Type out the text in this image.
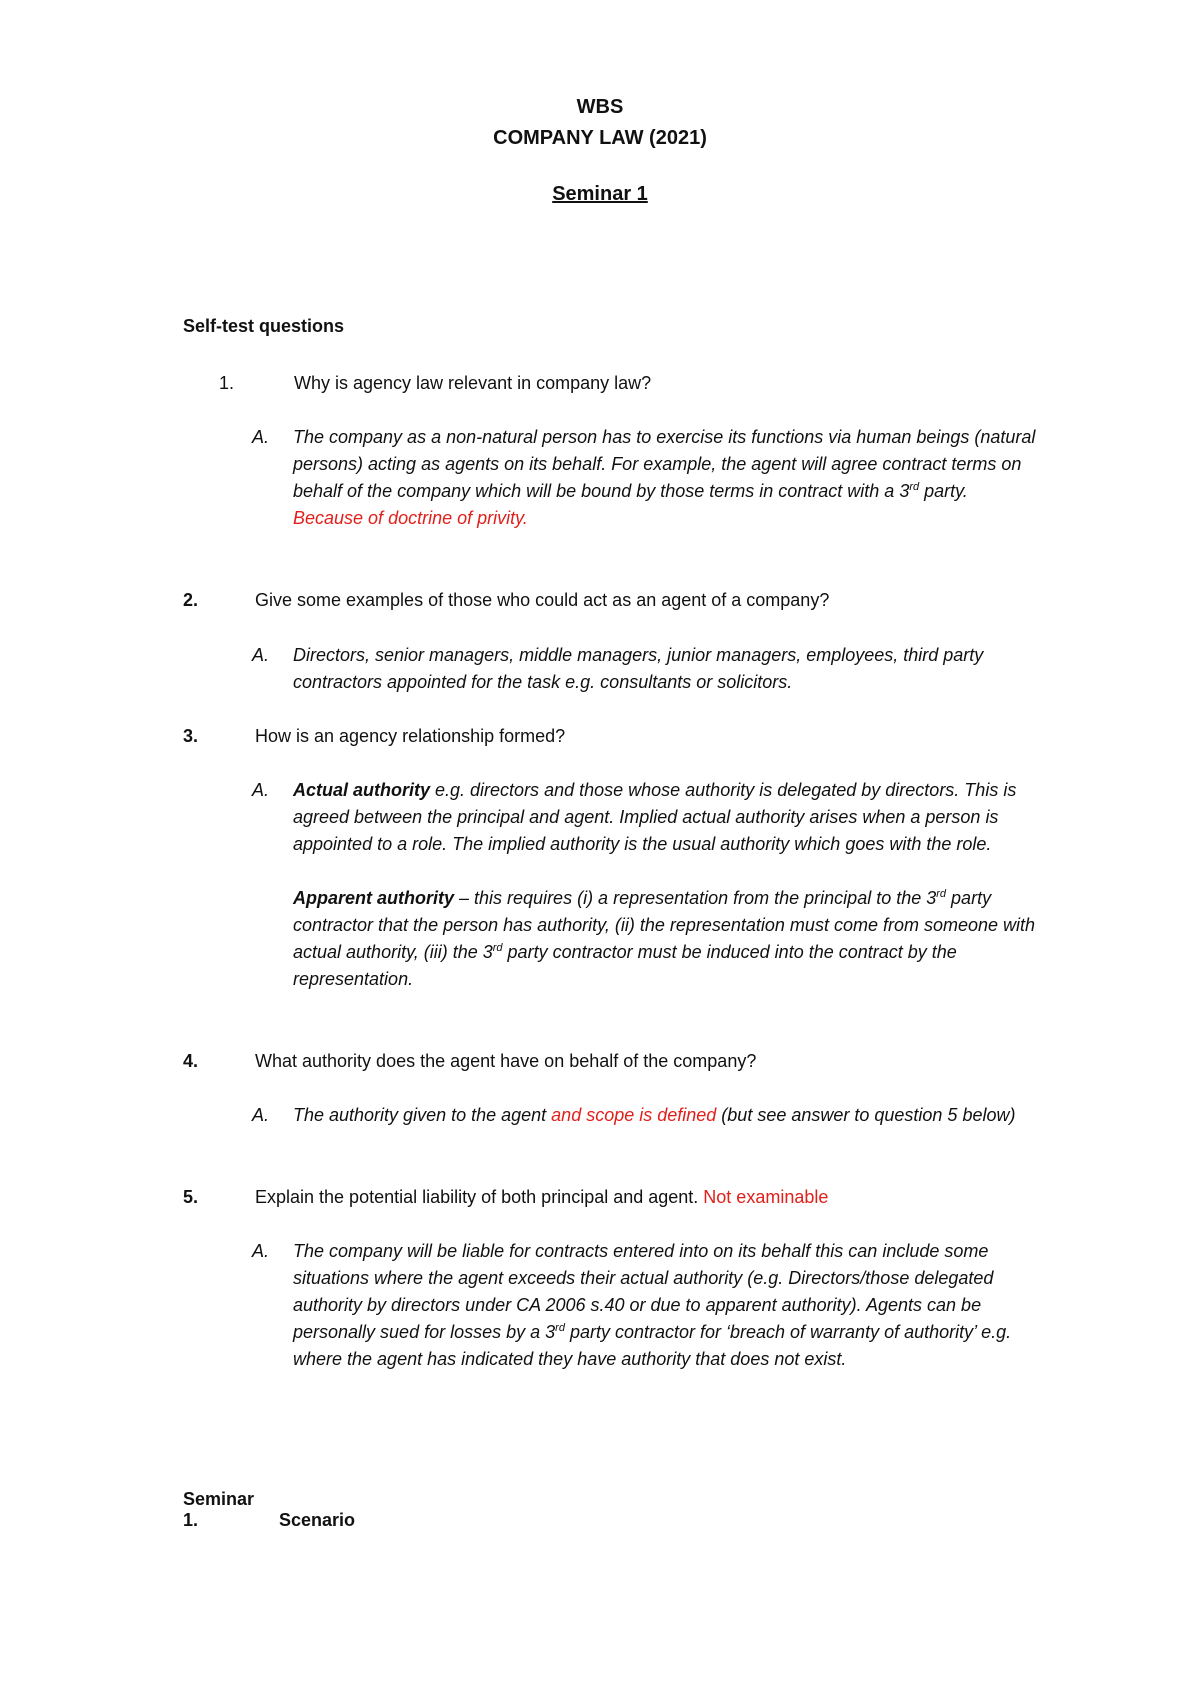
WBS
COMPANY LAW (2021)
Seminar 1
Self-test questions
1.	Why is agency law relevant in company law?
A. The company as a non-natural person has to exercise its functions via human beings (natural persons) acting as agents on its behalf. For example, the agent will agree contract terms on behalf of the company which will be bound by those terms in contract with a 3rd party.
Because of doctrine of privity.
2.	Give some examples of those who could act as an agent of a company?
A. Directors, senior managers, middle managers, junior managers, employees, third party contractors appointed for the task e.g. consultants or solicitors.
3.	How is an agency relationship formed?
A. Actual authority e.g. directors and those whose authority is delegated by directors. This is agreed between the principal and agent. Implied actual authority arises when a person is appointed to a role. The implied authority is the usual authority which goes with the role.
Apparent authority – this requires (i) a representation from the principal to the 3rd party contractor that the person has authority, (ii) the representation must come from someone with actual authority, (iii) the 3rd party contractor must be induced into the contract by the representation.
4.	What authority does the agent have on behalf of the company?
A. The authority given to the agent and scope is defined (but see answer to question 5 below)
5.	Explain the potential liability of both principal and agent. Not examinable
A. The company will be liable for contracts entered into on its behalf this can include some situations where the agent exceeds their actual authority (e.g. Directors/those delegated authority by directors under CA 2006 s.40 or due to apparent authority). Agents can be personally sued for losses by a 3rd party contractor for ‘breach of warranty of authority’ e.g. where the agent has indicated they have authority that does not exist.
Seminar 1.	Scenario
